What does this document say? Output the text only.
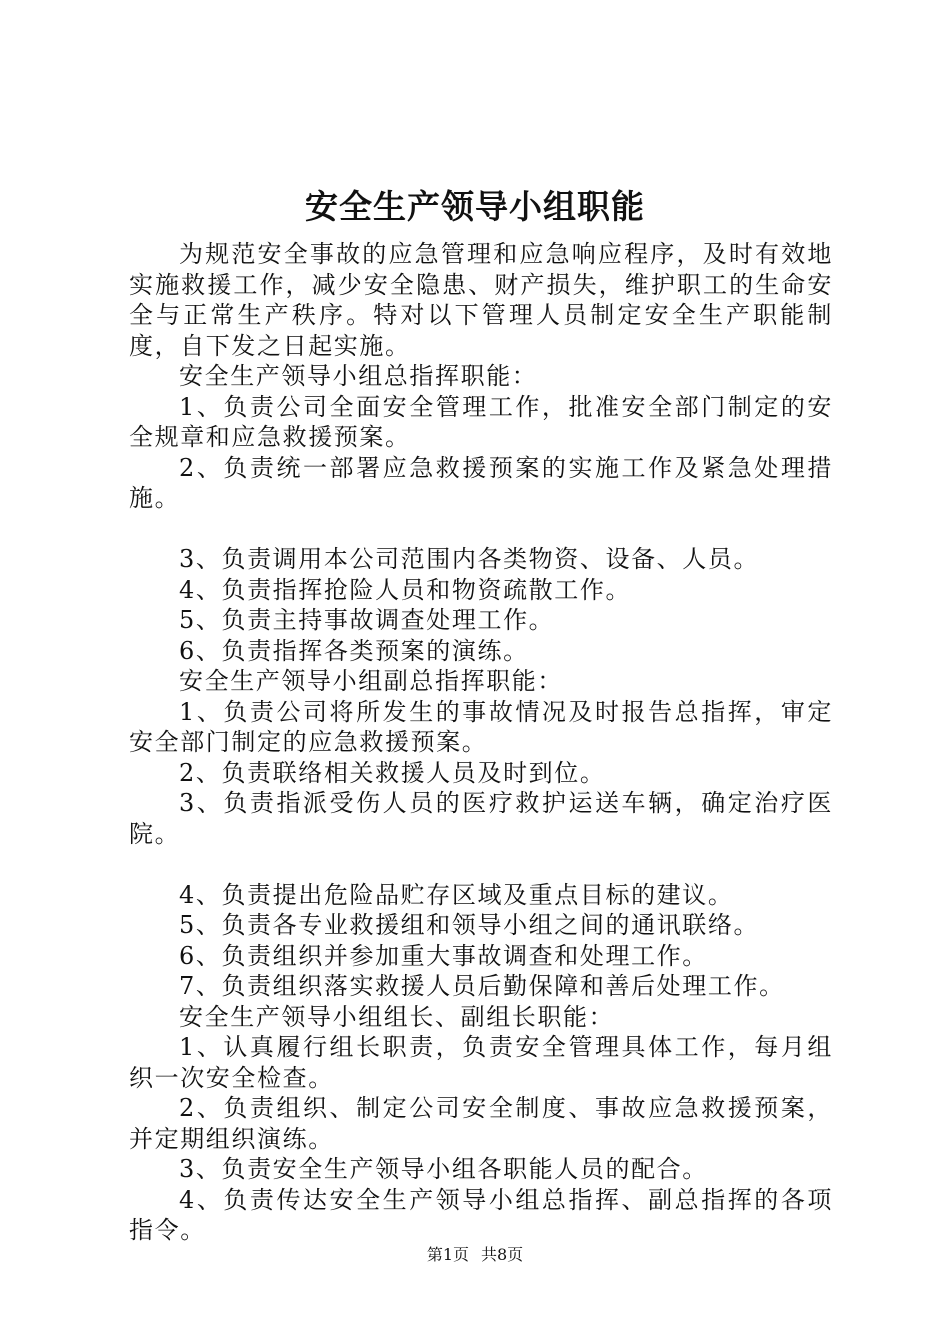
安全生产领导小组职能

为规范安全事故的应急管理和应急响应程序，及时有效地实施救援工作，减少安全隐患、财产损失，维护职工的生命安全与正常生产秩序。特对以下管理人员制定安全生产职能制度，自下发之日起实施。

安全生产领导小组总指挥职能：

1、负责公司全面安全管理工作，批准安全部门制定的安全规章和应急救援预案。

2、负责统一部署应急救援预案的实施工作及紧急处理措施。

3、负责调用本公司范围内各类物资、设备、人员。

4、负责指挥抢险人员和物资疏散工作。

5、负责主持事故调查处理工作。

6、负责指挥各类预案的演练。

安全生产领导小组副总指挥职能：

1、负责公司将所发生的事故情况及时报告总指挥，审定安全部门制定的应急救援预案。

2、负责联络相关救援人员及时到位。

3、负责指派受伤人员的医疗救护运送车辆，确定治疗医院。

4、负责提出危险品贮存区域及重点目标的建议。

5、负责各专业救援组和领导小组之间的通讯联络。

6、负责组织并参加重大事故调查和处理工作。

7、负责组织落实救援人员后勤保障和善后处理工作。

安全生产领导小组组长、副组长职能：

1、认真履行组长职责，负责安全管理具体工作，每月组织一次安全检查。

2、负责组织、制定公司安全制度、事故应急救援预案，并定期组织演练。

3、负责安全生产领导小组各职能人员的配合。

4、负责传达安全生产领导小组总指挥、副总指挥的各项指令。

第1页 共8页
